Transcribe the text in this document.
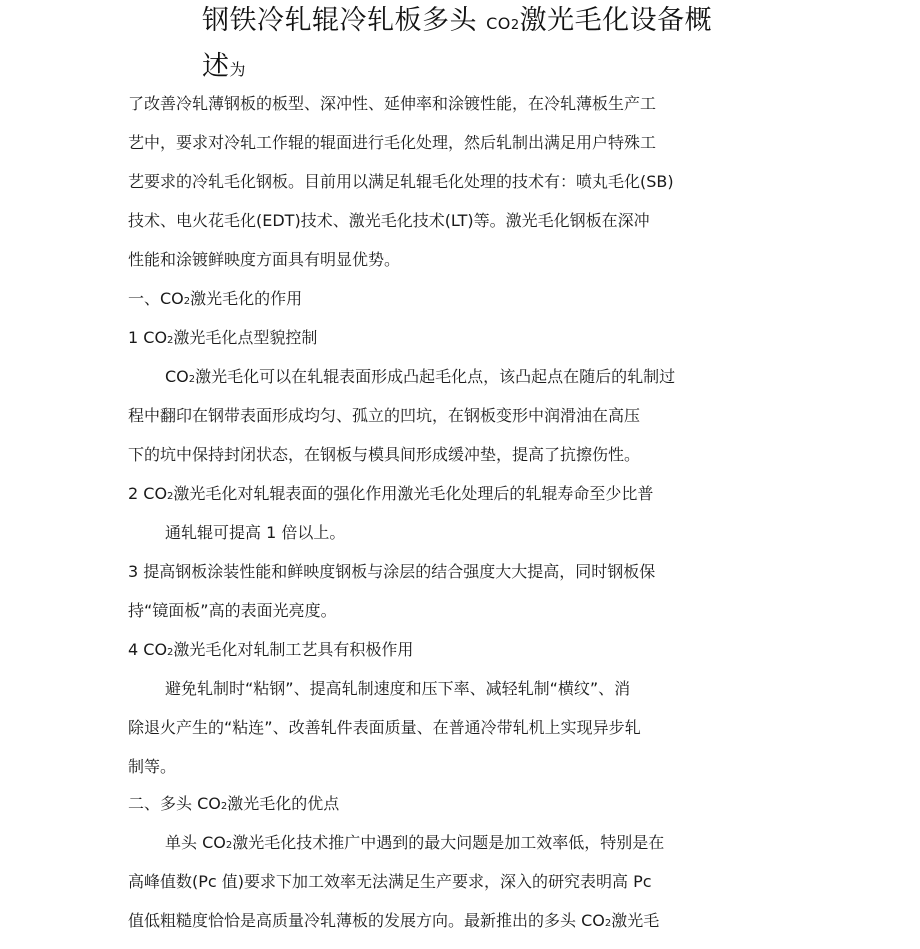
钢铁冷轧辊冷轧板多头 CO2激光毛化设备概
述为
了改善冷轧薄钢板的板型、深冲性、延伸率和涂镀性能，在冷轧薄板生产工
艺中，要求对冷轧工作辊的辊面进行毛化处理，然后轧制出满足用户特殊工
艺要求的冷轧毛化钢板。目前用以满足轧辊毛化处理的技术有：喷丸毛化(SB)
技术、电火花毛化(EDT)技术、激光毛化技术(LT)等。激光毛化钢板在深冲
性能和涂镀鲜映度方面具有明显优势。
一、CO2激光毛化的作用
1 CO2激光毛化点型貌控制
CO2激光毛化可以在轧辊表面形成凸起毛化点，该凸起点在随后的轧制过
程中翻印在钢带表面形成均匀、孤立的凹坑，在钢板变形中润滑油在高压
下的坑中保持封闭状态，在钢板与模具间形成缓冲垫，提高了抗擦伤性。
2 CO2激光毛化对轧辊表面的强化作用激光毛化处理后的轧辊寿命至少比普
通轧辊可提高 1 倍以上。
3 提高钢板涂装性能和鲜映度钢板与涂层的结合强度大大提高，同时钢板保
持“镜面板”高的表面光亮度。
4 CO2激光毛化对轧制工艺具有积极作用
避免轧制时“粘钢”、提高轧制速度和压下率、减轻轧制“横纹”、消
除退火产生的“粘连”、改善轧件表面质量、在普通冷带轧机上实现异步轧
制等。
二、多头 CO2激光毛化的优点
单头 CO2激光毛化技术推广中遇到的最大问题是加工效率低，特别是在
高峰值数(Pc 值)要求下加工效率无法满足生产要求，深入的研究表明高 Pc
值低粗糙度恰恰是高质量冷轧薄板的发展方向。最新推出的多头 CO2激光毛
